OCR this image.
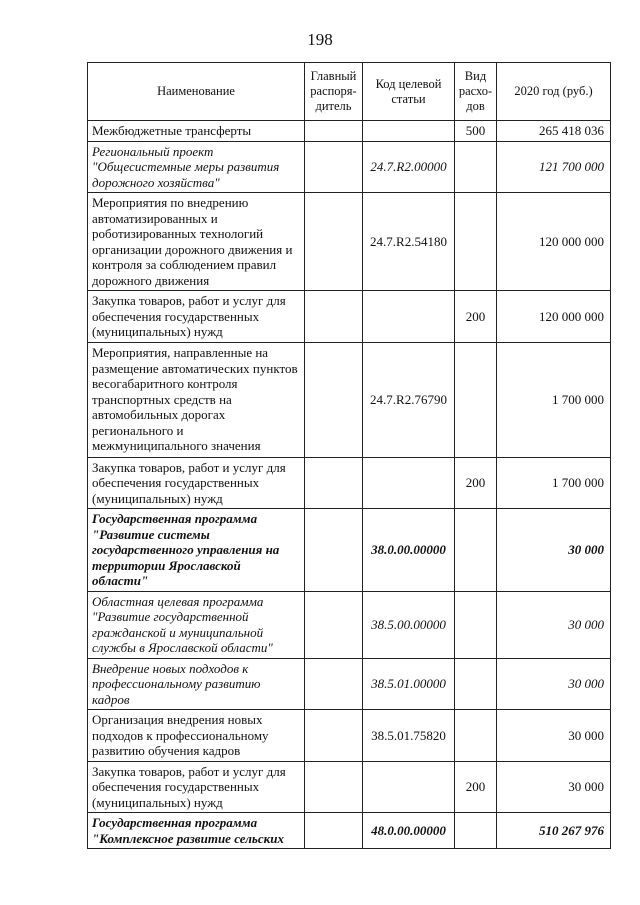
198
Наименование	Главный распоря-дитель	Код целевой статьи	Вид расхо-дов	2020 год (руб.)
Межбюджетные трансферты			500	265 418 036
Региональный проект "Общесистемные меры развития дорожного хозяйства"		24.7.R2.00000		121 700 000
Мероприятия по внедрению автоматизированных и роботизированных технологий организации дорожного движения и контроля за соблюдением правил дорожного движения		24.7.R2.54180		120 000 000
Закупка товаров, работ и услуг для обеспечения государственных (муниципальных) нужд			200	120 000 000
Мероприятия, направленные на размещение автоматических пунктов весогабаритного контроля транспортных средств на автомобильных дорогах регионального и межмуниципального значения		24.7.R2.76790		1 700 000
Закупка товаров, работ и услуг для обеспечения государственных (муниципальных) нужд			200	1 700 000
Государственная программа "Развитие системы государственного управления на территории Ярославской области"		38.0.00.00000		30 000
Областная целевая программа "Развитие государственной гражданской и муниципальной службы в Ярославской области"		38.5.00.00000		30 000
Внедрение новых подходов к профессиональному развитию кадров		38.5.01.00000		30 000
Организация внедрения новых подходов к профессиональному развитию обучения кадров		38.5.01.75820		30 000
Закупка товаров, работ и услуг для обеспечения государственных (муниципальных) нужд			200	30 000
Государственная программа "Комплексное развитие сельских		48.0.00.00000		510 267 976
